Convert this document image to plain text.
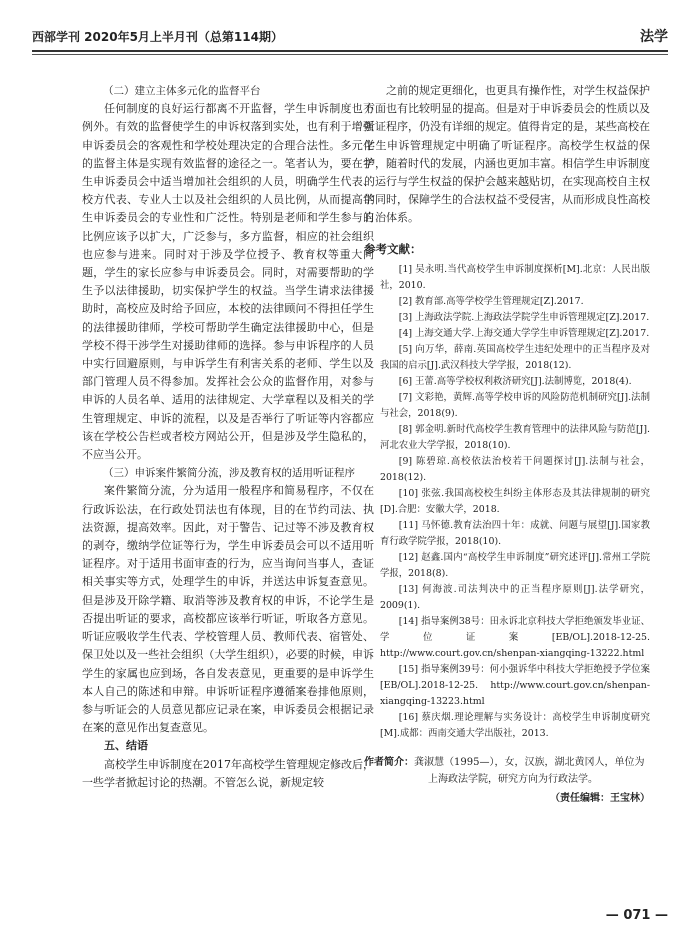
西部学刊 2020年5月上半月刊（总第114期）	法学

（二）建立主体多元化的监督平台

任何制度的良好运行都离不开监督，学生申诉制度也不例外。有效的监督使学生的申诉权落到实处，也有利于增强申诉委员会的客观性和学校处理决定的合理合法性。多元化的监督主体是实现有效监督的途径之一。笔者认为，要在学生申诉委员会中适当增加社会组织的人员，明确学生代表、校方代表、专业人士以及社会组织的人员比例，从而提高学生申诉委员会的专业性和广泛性。特别是老师和学生参与的比例应该予以扩大，广泛参与，多方监督，相应的社会组织也应参与进来。同时对于涉及学位授予、教育权等重大问题，学生的家长应参与申诉委员会。同时，对需要帮助的学生予以法律援助，切实保护学生的权益。当学生请求法律援助时，高校应及时给予回应，本校的法律顾问不得担任学生的法律援助律师，学校可帮助学生确定法律援助中心，但是学校不得干涉学生对援助律师的选择。参与申诉程序的人员中实行回避原则，与申诉学生有利害关系的老师、学生以及部门管理人员不得参加。发挥社会公众的监督作用，对参与申诉的人员名单、适用的法律规定、大学章程以及相关的学生管理规定、申诉的流程，以及是否举行了听证等内容都应该在学校公告栏或者校方网站公开，但是涉及学生隐私的，不应当公开。

（三）申诉案件繁简分流，涉及教育权的适用听证程序

案件繁简分流，分为适用一般程序和简易程序，不仅在行政诉讼法，在行政处罚法也有体现，目的在节约司法、执法资源，提高效率。因此，对于警告、记过等不涉及教育权的剥夺，缴纳学位证等行为，学生申诉委员会可以不适用听证程序。对于适用书面审查的行为，应当询问当事人，查证相关事实等方式，处理学生的申诉，并送达申诉复查意见。但是涉及开除学籍、取消等涉及教育权的申诉，不论学生是否提出听证的要求，高校都应该举行听证，听取各方意见。听证应吸收学生代表、学校管理人员、教师代表、宿管处、保卫处以及一些社会组织（大学生组织），必要的时候，申诉学生的家属也应到场，各自发表意见，更重要的是申诉学生本人自己的陈述和申辩。申诉听证程序遵循案卷排他原则，参与听证会的人员意见都应记录在案，申诉委员会根据记录在案的意见作出复查意见。

五、结语

高校学生申诉制度在2017年高校学生管理规定修改后，一些学者掀起讨论的热潮。不管怎么说，新规定较

之前的规定更细化，也更具有操作性，对学生权益保护方面也有比较明显的提高。但是对于申诉委员会的性质以及听证程序，仍没有详细的规定。值得肯定的是，某些高校在学生申诉管理规定中明确了听证程序。高校学生权益的保护，随着时代的发展，内涵也更加丰富。相信学生申诉制度的运行与学生权益的保护会越来越贴切，在实现高校自主权的同时，保障学生的合法权益不受侵害，从而形成良性高校自治体系。

参考文献：

[1] 吴永明.当代高校学生申诉制度探析[M].北京：人民出版社，2010.

[2] 教育部.高等学校学生管理规定[Z].2017.

[3] 上海政法学院.上海政法学院学生申诉管理规定[Z].2017.

[4] 上海交通大学.上海交通大学学生申诉管理规定[Z].2017.

[5] 向万华，薛南.英国高校学生违纪处理中的正当程序及对我国的启示[J].武汉科技大学学报，2018(12).

[6] 王蕾.高等学校权利救济研究[J].法制博览，2018(4).

[7] 文彩艳，黄辉.高等学校申诉的风险防范机制研究[J].法制与社会，2018(9).

[8] 郭金明.新时代高校学生教育管理中的法律风险与防范[J].河北农业大学学报，2018(10).

[9] 陈碧琼.高校依法治校若干问题探讨[J].法制与社会，2018(12).

[10] 张弦.我国高校校生纠纷主体形态及其法律规制的研究[D].合肥：安徽大学，2018.

[11] 马怀德.教育法治四十年：成就、问题与展望[J].国家教育行政学院学报，2018(10).

[12] 赵鑫.国内“高校学生申诉制度”研究述评[J].常州工学院学报，2018(8).

[13] 何海波.司法判决中的正当程序原则[J].法学研究，2009(1).

[14] 指导案例38号：田永诉北京科技大学拒绝颁发毕业证、学位证案[EB/OL].2018-12-25. http://www.court.gov.cn/shenpan-xiangqing-13222.html

[15] 指导案例39号：何小强诉华中科技大学拒绝授予学位案[EB/OL].2018-12-25. http://www.court.gov.cn/shenpan-xiangqing-13223.html

[16] 蔡庆烟.理论理解与实务设计：高校学生申诉制度研究[M].成都：西南交通大学出版社，2013.

作者简介：龚淑慧（1995—），女，汉族，湖北黄冈人，单位为上海政法学院，研究方向为行政法学。
（责任编辑：王宝林）
— 071 —
